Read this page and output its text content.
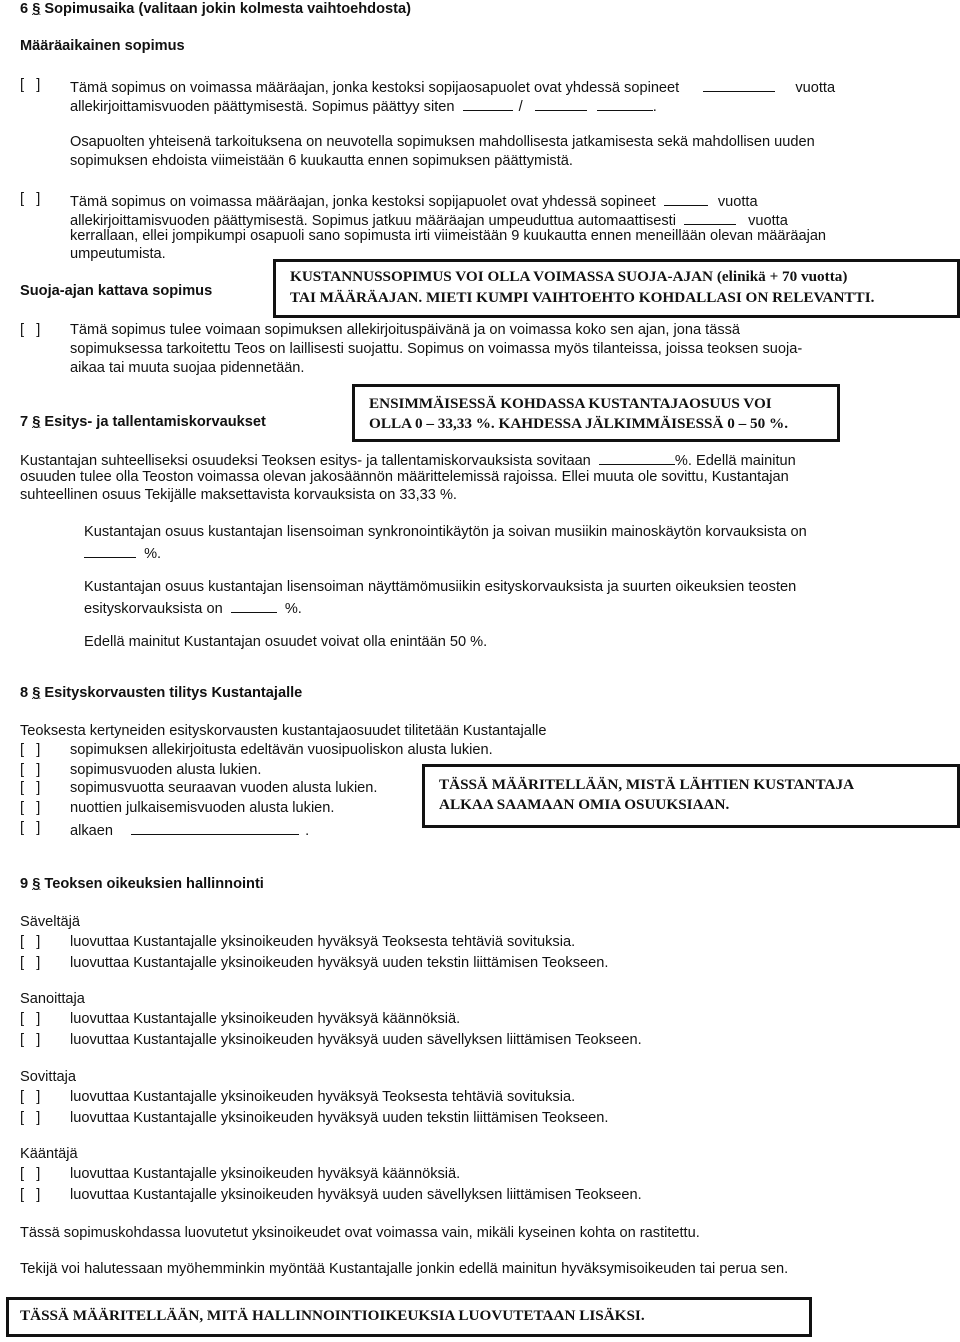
6 § Sopimusaika (valitaan jokin kolmesta vaihtoehdosta)
Määräaikainen sopimus
[   ] Tämä sopimus on voimassa määräajan, jonka kestoksi sopijaosapuolet ovat yhdessä sopineet	vuotta
allekirjoittamisvuoden päättymisestä. Sopimus päättyy siten	/	.
Osapuolten yhteisenä tarkoituksena on neuvotella sopimuksen mahdollisesta jatkamisesta sekä mahdollisen uuden
sopimuksen ehdoista viimeistään 6 kuukautta ennen sopimuksen päättymistä.
[   ] Tämä sopimus on voimassa määräajan, jonka kestoksi sopijapuolet ovat yhdessä sopineet	vuotta
allekirjoittamisvuoden päättymisestä. Sopimus jatkuu määräajan umpeuduttua automaattisesti	vuotta
kerrallaan, ellei jompikumpi osapuoli sano sopimusta irti viimeistään 9 kuukautta ennen meneillään olevan määräajan
umpeutumista.
Suoja-ajan kattava sopimus
KUSTANNUSSOPIMUS VOI OLLA VOIMASSA SUOJA-AJAN (elinikä + 70 vuotta)
TAI MÄÄRÄAJAN. MIETI KUMPI VAIHTOEHTO KOHDALLASI ON RELEVANTTI.
[   ] Tämä sopimus tulee voimaan sopimuksen allekirjoituspäivänä ja on voimassa koko sen ajan, jona tässä
sopimuksessa tarkoitettu Teos on laillisesti suojattu. Sopimus on voimassa myös tilanteissa, joissa teoksen suoja-
aikaa tai muuta suojaa pidennetään.
7 § Esitys- ja tallentamiskorvaukset
ENSIMMÄISESSÄ KOHDASSA KUSTANTAJAOSUUS VOI
OLLA 0 – 33,33 %. KAHDESSA JÄLKIMMÄISESSÄ 0 – 50 %.
Kustantajan suhteelliseksi osuudeksi Teoksen esitys- ja tallentamiskorvauksista sovitaan	%. Edellä mainitun
osuuden tulee olla Teoston voimassa olevan jakosäännön määrittelemissä rajoissa. Ellei muuta ole sovittu, Kustantajan
suhteellinen osuus Tekijälle maksettavista korvauksista on 33,33 %.
Kustantajan osuus kustantajan lisensoiman synkronointikäytön ja soivan musiikin mainoskäytön korvauksista on
%.
Kustantajan osuus kustantajan lisensoiman näyttämömusiikin esityskorvauksista ja suurten oikeuksien teosten
esityskorvauksista on	%.
Edellä mainitut Kustantajan osuudet voivat olla enintään 50 %.
8 § Esityskorvausten tilitys Kustantajalle
Teoksesta kertyneiden esityskorvausten kustantajaosuudet tilitetään Kustantajalle
[   ] sopimuksen allekirjoitusta edeltävän vuosipuoliskon alusta lukien.
[   ] sopimusvuoden alusta lukien.
[   ] sopimusvuotta seuraavan vuoden alusta lukien.
[   ] nuottien julkaisemisvuoden alusta lukien.
[   ] alkaen	.
TÄSSÄ MÄÄRITELLÄÄN, MISTÄ LÄHTIEN KUSTANTAJA
ALKAA SAAMAAN OMIA OSUUKSIAAN.
9 § Teoksen oikeuksien hallinnointi
Säveltäjä
[   ] luovuttaa Kustantajalle yksinoikeuden hyväksyä Teoksesta tehtäviä sovituksia.
[   ] luovuttaa Kustantajalle yksinoikeuden hyväksyä uuden tekstin liittämisen Teokseen.
Sanoittaja
[   ] luovuttaa Kustantajalle yksinoikeuden hyväksyä käännöksiä.
[   ] luovuttaa Kustantajalle yksinoikeuden hyväksyä uuden sävellyksen liittämisen Teokseen.
Sovittaja
[   ] luovuttaa Kustantajalle yksinoikeuden hyväksyä Teoksesta tehtäviä sovituksia.
[   ] luovuttaa Kustantajalle yksinoikeuden hyväksyä uuden tekstin liittämisen Teokseen.
Kääntäjä
[   ] luovuttaa Kustantajalle yksinoikeuden hyväksyä käännöksiä.
[   ] luovuttaa Kustantajalle yksinoikeuden hyväksyä uuden sävellyksen liittämisen Teokseen.
Tässä sopimuskohdassa luovutetut yksinoikeudet ovat voimassa vain, mikäli kyseinen kohta on rastitettu.
Tekijä voi halutessaan myöhemminkin myöntää Kustantajalle jonkin edellä mainitun hyväksymisoikeuden tai perua sen.
TÄSSÄ MÄÄRITELLÄÄN, MITÄ HALLINNOINTIOIKEUKSIA LUOVUTETAAN LISÄKSI.
